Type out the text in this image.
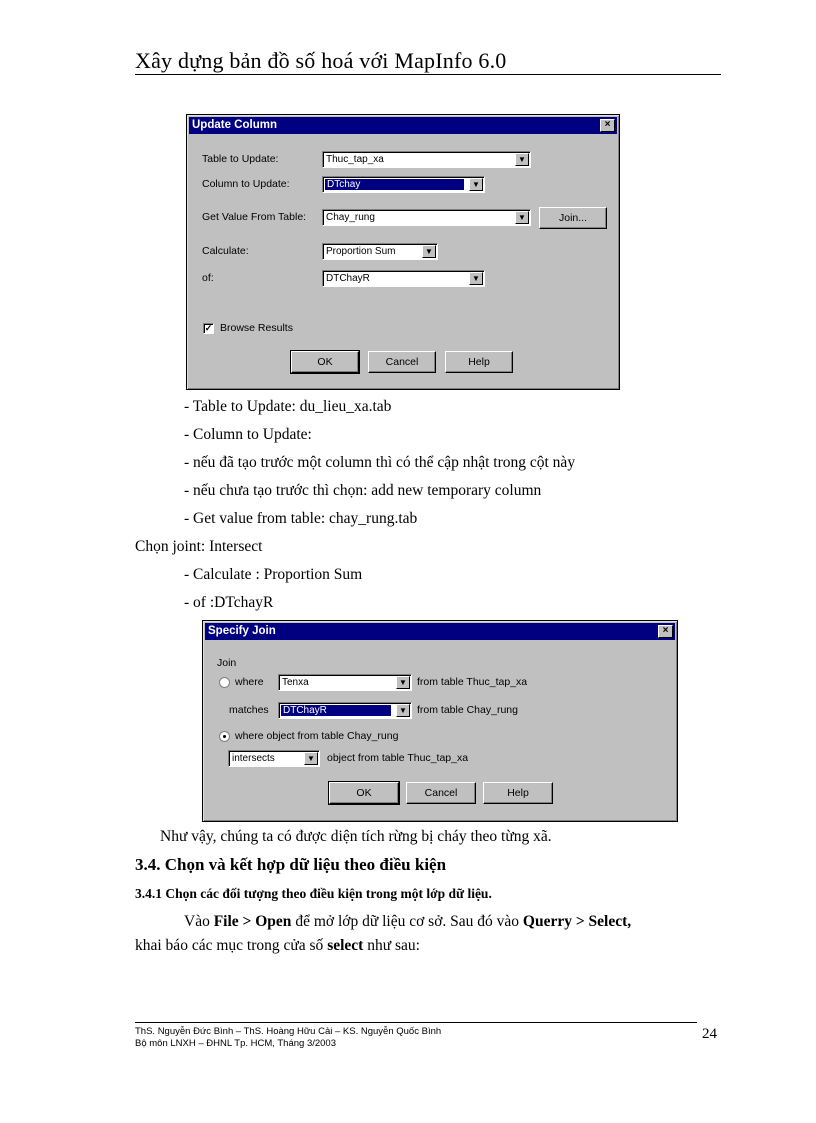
Xây dựng bản đồ số hoá với MapInfo 6.0
Update Column	×
Table to Update:	Thuc_tap_xa	▼
Column to Update:	DTchay	▼
Get Value From Table: Chay_rung	▼	Join...
Calculate:	Proportion Sum	▼
of:	DTChayR	▼
✓ Browse Results
OK	Cancel	Help
- Table to Update: du_lieu_xa.tab
- Column to Update:
- nếu đã tạo trước một column thì có thể cập nhật trong cột này
- nếu chưa tạo trước thì chọn: add new temporary column
- Get value from table: chay_rung.tab
Chọn joint: Intersect
- Calculate : Proportion Sum
- of :DTchayR
Specify Join	×
Join
where Tenxa	▼ from table Thuc_tap_xa
matches DTChayR	▼ from table Chay_rung
where object from table Chay_rung
intersects	▼ object from table Thuc_tap_xa
OK	Cancel	Help
Như vậy, chúng ta có được diện tích rừng bị cháy theo từng xã.
3.4. Chọn và kết hợp dữ liệu theo điều kiện
3.4.1 Chọn các đối tượng theo điều kiện trong một lớp dữ liệu.
Vào File > Open để mở lớp dữ liệu cơ sở. Sau đó vào Querry > Select,
khai báo các mục trong cửa số select như sau:
ThS. Nguyễn Đức Bình – ThS. Hoàng Hữu Cải – KS. Nguyễn Quốc Bình
Bộ môn LNXH – ĐHNL Tp. HCM, Tháng 3/2003
24
